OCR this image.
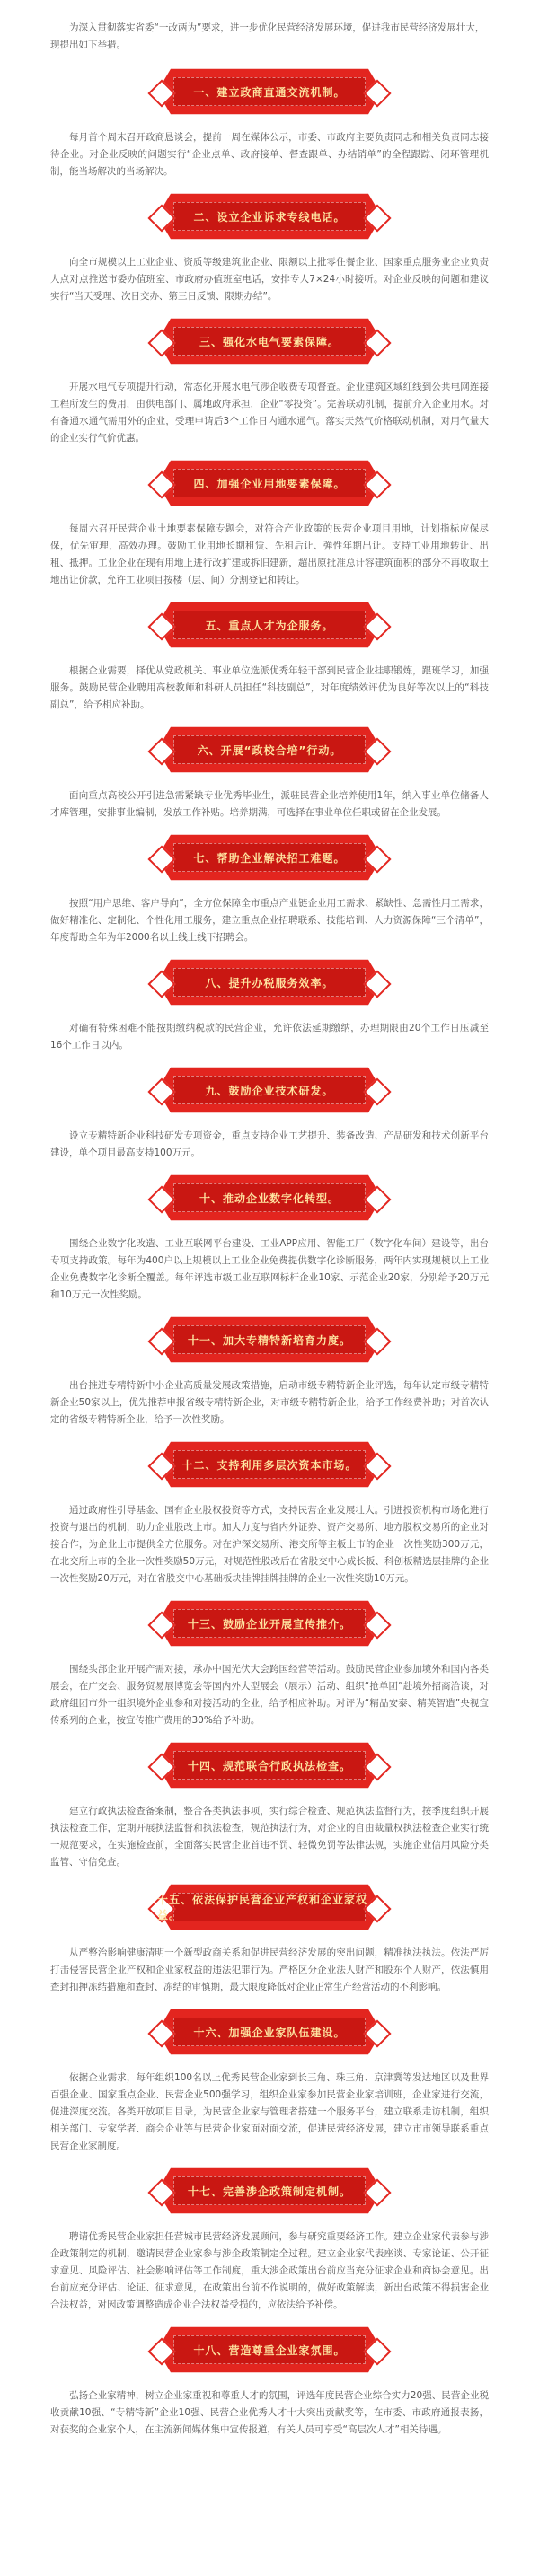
为深入贯彻落实省委“一改两为”要求，进一步优化民营经济发展环境，促进我市民营经济发展壮大，现提出如下举措。

一、建立政商直通交流机制。

每月首个周末召开政商恳谈会，提前一周在媒体公示，市委、市政府主要负责同志和相关负责同志接待企业。对企业反映的问题实行“企业点单、政府接单、督查跟单、办结销单”的全程跟踪、闭环管理机制，能当场解决的当场解决。

二、设立企业诉求专线电话。

向全市规模以上工业企业、资质等级建筑业企业、限额以上批零住餐企业、国家重点服务业企业负责人点对点推送市委办值班室、市政府办值班室电话，安排专人7×24小时接听。对企业反映的问题和建议实行“当天受理、次日交办、第三日反馈、限期办结”。

三、强化水电气要素保障。

开展水电气专项提升行动，常态化开展水电气涉企收费专项督查。企业建筑区域红线到公共电网连接工程所发生的费用，由供电部门、属地政府承担，企业“零投资”。完善联动机制，提前介入企业用水。对有备通水通气需用外的企业，受理申请后3个工作日内通水通气。落实天然气价格联动机制，对用气量大的企业实行气价优惠。

四、加强企业用地要素保障。

每周六召开民营企业土地要素保障专题会，对符合产业政策的民营企业项目用地，计划指标应保尽保，优先审理，高效办理。鼓励工业用地长期租赁、先租后让、弹性年期出让。支持工业用地转让、出租、抵押。工业企业在现有用地上进行改扩建或拆旧建新，超出原批准总计容建筑面积的部分不再收取土地出让价款，允许工业项目按楼（层、间）分割登记和转让。

五、重点人才为企服务。

根据企业需要，择优从党政机关、事业单位选派优秀年轻干部到民营企业挂职锻炼，跟班学习，加强服务。鼓励民营企业聘用高校教师和科研人员担任“科技副总”，对年度绩效评优为良好等次以上的“科技副总”，给予相应补助。

六、开展“政校合培”行动。

面向重点高校公开引进急需紧缺专业优秀毕业生，派驻民营企业培养使用1年，纳入事业单位储备人才库管理，安排事业编制，发放工作补贴。培养期满，可选择在事业单位任职或留在企业发展。

七、帮助企业解决招工难题。

按照“用户思维、客户导向”，全方位保障全市重点产业链企业用工需求、紧缺性、急需性用工需求，做好精准化、定制化、个性化用工服务，建立重点企业招聘联系、技能培训、人力资源保障“三个清单”，年度帮助全年为年2000名以上线上线下招聘会。

八、提升办税服务效率。

对确有特殊困难不能按期缴纳税款的民营企业，允许依法延期缴纳，办理期限由20个工作日压减至16个工作日以内。

九、鼓励企业技术研发。

设立专精特新企业科技研发专项资金，重点支持企业工艺提升、装备改造、产品研发和技术创新平台建设，单个项目最高支持100万元。

十、推动企业数字化转型。

围绕企业数字化改造、工业互联网平台建设、工业APP应用、智能工厂（数字化车间）建设等，出台专项支持政策。每年为400户以上规模以上工业企业免费提供数字化诊断服务，两年内实现规模以上工业企业免费数字化诊断全覆盖。每年评选市级工业互联网标杆企业10家、示范企业20家，分别给予20万元和10万元一次性奖励。

十一、加大专精特新培育力度。

出台推进专精特新中小企业高质量发展政策措施，启动市级专精特新企业评选，每年认定市级专精特新企业50家以上，优先推荐申报省级专精特新企业，对市级专精特新企业，给予工作经费补助；对首次认定的省级专精特新企业，给予一次性奖励。

十二、支持利用多层次资本市场。

通过政府性引导基金、国有企业股权投资等方式，支持民营企业发展壮大。引进投资机构市场化进行投资与退出的机制，助力企业股改上市。加大力度与省内外证券、资产交易所、地方股权交易所的企业对接合作，为企业上市提供全方位服务。对在沪深交易所、港交所等主板上市的企业一次性奖励300万元，在北交所上市的企业一次性奖励50万元，对规范性股改后在省股交中心成长板、科创板精选层挂牌的企业一次性奖励20万元，对在省股交中心基础板块挂牌挂牌挂牌的企业一次性奖励10万元。

十三、鼓励企业开展宣传推介。

围绕头部企业开展产需对接，承办中国光伏大会跨国经营等活动。鼓励民营企业参加境外和国内各类展会，在广交会、服务贸易展博览会等国内外大型展会（展示）活动、组织“抢单团”赴境外招商洽谈，对政府组团市外一组织境外企业参和对接活动的企业，给予相应补助。对评为“精品安泰、精英智造”央视宣传系列的企业，按宣传推广费用的30%给予补助。

十四、规范联合行政执法检查。

建立行政执法检查备案制，整合各类执法事项，实行综合检查、规范执法监督行为，按季度组织开展执法检查工作，定期开展执法监督和执法检查，规范执法行为，对企业的自由裁量权执法检查企业实行统一规范要求，在实施检查前，全面落实民营企业首违不罚、轻微免罚等法律法规，实施企业信用风险分类监管、守信免查。

十五、依法保护民营企业产权和企业家权益。

从严整治影响健康清明一个新型政商关系和促进民营经济发展的突出问题，精准执法执法。依法严厉打击侵害民营企业产权和企业家权益的违法犯罪行为。严格区分企业法人财产和股东个人财产，依法慎用查封扣押冻结措施和查封、冻结的审慎期，最大限度降低对企业正常生产经营活动的不利影响。

十六、加强企业家队伍建设。

依据企业需求，每年组织100名以上优秀民营企业家到长三角、珠三角、京津冀等发达地区以及世界百强企业、国家重点企业、民营企业500强学习，组织企业家参加民营企业家培训班，企业家进行交流，促进深度交流。各类开放项目目录，为民营企业家与管理者搭建一个服务平台，建立联系走访机制，组织相关部门、专家学者、商会企业等与民营企业家面对面交流，促进民营经济发展，建立市市领导联系重点民营企业家制度。

十七、完善涉企政策制定机制。

聘请优秀民营企业家担任营城市民营经济发展顾问，参与研究重要经济工作。建立企业家代表参与涉企政策制定的机制，邀请民营企业家参与涉企政策制定全过程。建立企业家代表座谈、专家论证、公开征求意见、风险评估、社会影响评估等工作制度，重大涉企政策出台前应当充分征求企业和商协会意见。出台前应充分评估、论证、征求意见，在政策出台前不作说明的，做好政策解读，新出台政策不得损害企业合法权益，对因政策调整造成企业合法权益受损的，应依法给予补偿。

十八、营造尊重企业家氛围。

弘扬企业家精神，树立企业家重视和尊重人才的氛围，评选年度民营企业综合实力20强、民营企业税收贡献10强、“专精特新”企业10强、民营企业优秀人才十大突出贡献奖等，在市委、市政府通报表扬，对获奖的企业家个人，在主流新闻媒体集中宣传报道，有关人员可享受“高层次人才”相关待遇。
